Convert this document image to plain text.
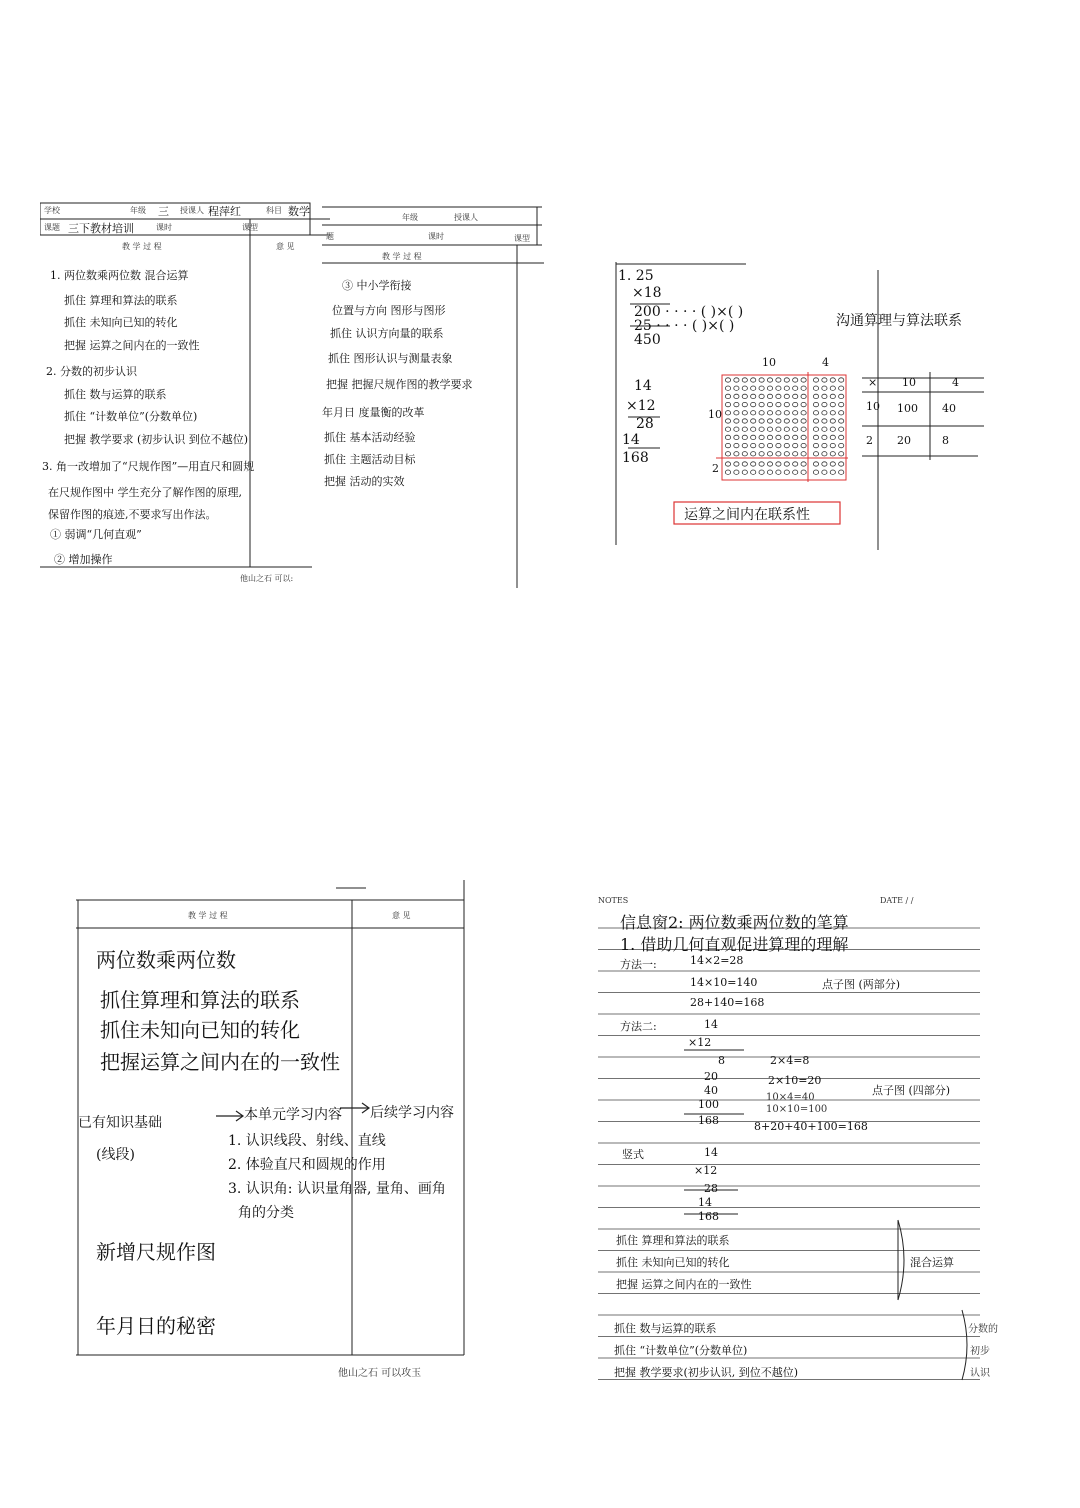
学校	年级 三 授课人 程萍红	科目 数学
课题 三下教材培训	课时	课型
教 学 过 程	意 见
1. 两位数乘两位数 混合运算
抓住 算理和算法的联系
抓住 未知向已知的转化
把握 运算之间内在的一致性
2. 分数的初步认识
抓住 数与运算的联系
抓住 “计数单位”(分数单位)
把握 教学要求 (初步认识 到位不越位)
3. 角一改增加了“尺规作图”—用直尺和圆规
在尺规作图中 学生充分了解作图的原理,
保留作图的痕迹,不要求写出作法。
① 弱调“几何直观”
② 增加操作
他山之石 可以:
年级	授课人
题	课时	课型
教 学 过 程
③ 中小学衔接
位置与方向 图形与图形
抓住 认识方向量的联系
抓住 图形认识与测量表象
把握 把握尺规作图的教学要求
年月日 度量衡的改革
抓住 基本活动经验
抓住 主题活动目标
把握 活动的实效
1. 25
×18
200 · · · · ( )×( )
25 · · · · ( )×( )
450
沟通算理与算法联系
10	4
10
2
14
×12
28
14
168
× 10	4
10 100 40
2 20	8
运算之间内在联系性
教 学 过 程	意 见
两位数乘两位数
抓住算理和算法的联系
抓住未知向已知的转化
把握运算之间内在的一致性
已有知识基础
(线段)
本单元学习内容 后续学习内容
1. 认识线段、射线、直线
2. 体验直尺和圆规的作用
3. 认识角: 认识量角器, 量角、画角
角的分类
新增尺规作图
年月日的秘密
他山之石 可以攻玉
NOTES	DATE / /
信息窗2: 两位数乘两位数的笔算
1. 借助几何直观促进算理的理解
方法一:	14×2=28
14×10=140
28+140=168
点子图 (两部分)
方法二:	14
×12
8
20
40
100
168
2×4=8
2×10=20
10×4=40
10×10=100
8+20+40+100=168
点子图 (四部分)
竖式	14
×12
28
14
168
抓住 算理和算法的联系
抓住 未知向已知的转化
把握 运算之间内在的一致性
混合运算
抓住 数与运算的联系
抓住 “计数单位”(分数单位)
把握 教学要求(初步认识, 到位不越位)
分数的
初步
认识
